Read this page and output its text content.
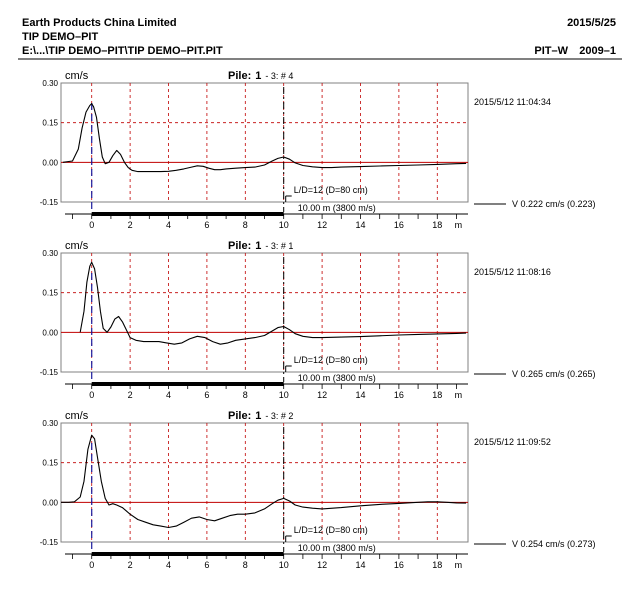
Earth Products China Limited	2015/5/25
TIP DEMO–PIT
E:\...\TIP DEMO–PIT\TIP DEMO–PIT.PIT	PIT–W 2009–1
0.30
0.15
0.00
-0.15
cm/s	Pile: 1 - 3: # 4
2015/5/12 11:04:34
L/D=12 (D=80 cm)
10.00 m (3800 m/s)	V 0.222 cm/s (0.223)
0	2	4	6	8	10	12	14	16	18 m
0.30
0.15
0.00
-0.15
cm/s	Pile: 1 - 3: # 1
2015/5/12 11:08:16
L/D=12 (D=80 cm)
10.00 m (3800 m/s)	V 0.265 cm/s (0.265)
0	2	4	6	8	10	12	14	16	18 m
0.30
0.15
0.00
-0.15
cm/s	Pile: 1 - 3: # 2
2015/5/12 11:09:52
L/D=12 (D=80 cm)
10.00 m (3800 m/s)	V 0.254 cm/s (0.273)
0	2	4	6	8	10	12	14	16	18 m
